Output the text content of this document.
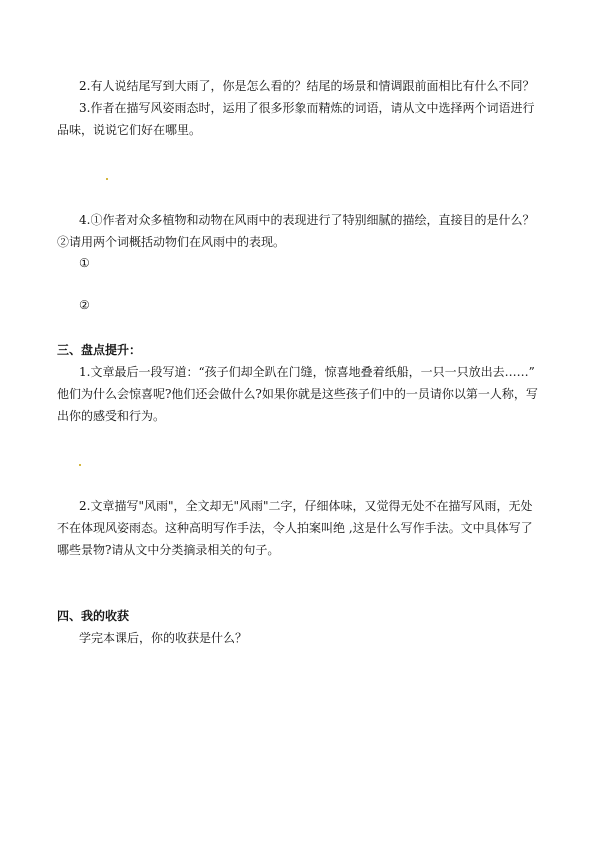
2.有人说结尾写到大雨了，你是怎么看的？结尾的场景和情调跟前面相比有什么不同？
3.作者在描写风姿雨态时，运用了很多形象而精炼的词语，请从文中选择两个词语进行
品味，说说它们好在哪里。
4.①作者对众多植物和动物在风雨中的表现进行了特别细腻的描绘，直接目的是什么？
②请用两个词概括动物们在风雨中的表现。
①
②
三、盘点提升：
1.文章最后一段写道：“孩子们却全趴在门缝，惊喜地叠着纸船，一只一只放出去……”
他们为什么会惊喜呢?他们还会做什么?如果你就是这些孩子们中的一员请你以第一人称，写
出你的感受和行为。
2.文章描写"风雨"，全文却无"风雨"二字，仔细体味，又觉得无处不在描写风雨，无处
不在体现风姿雨态。这种高明写作手法，令人拍案叫绝 ,这是什么写作手法。文中具体写了
哪些景物?请从文中分类摘录相关的句子。
四、我的收获
学完本课后，你的收获是什么？
